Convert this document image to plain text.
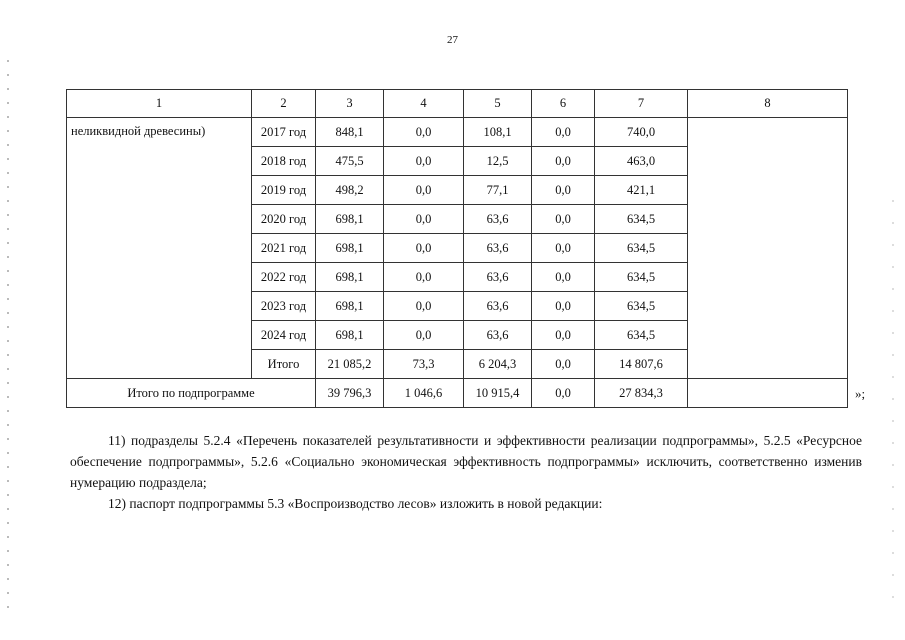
27
1	2	3	4	5	6	7	8
неликвидной древесины)	2017 год	848,1	0,0	108,1	0,0	740,0	
	2018 год	475,5	0,0	12,5	0,0	463,0	
	2019 год	498,2	0,0	77,1	0,0	421,1	
	2020 год	698,1	0,0	63,6	0,0	634,5	
	2021 год	698,1	0,0	63,6	0,0	634,5	
	2022 год	698,1	0,0	63,6	0,0	634,5	
	2023 год	698,1	0,0	63,6	0,0	634,5	
	2024 год	698,1	0,0	63,6	0,0	634,5	
	Итого	21 085,2	73,3	6 204,3	0,0	14 807,6	
Итого по подпрограмме		39 796,3	1 046,6	10 915,4	0,0	27 834,3		»;
11) подразделы 5.2.4 «Перечень показателей результативности и эффективности реализации подпрограммы», 5.2.5 «Ресурсное обеспечение подпрограммы», 5.2.6 «Социально экономическая эффективность подпрограммы» исключить, соответственно изменив нумерацию подраздела;
12) паспорт подпрограммы 5.3 «Воспроизводство лесов» изложить в новой редакции:
